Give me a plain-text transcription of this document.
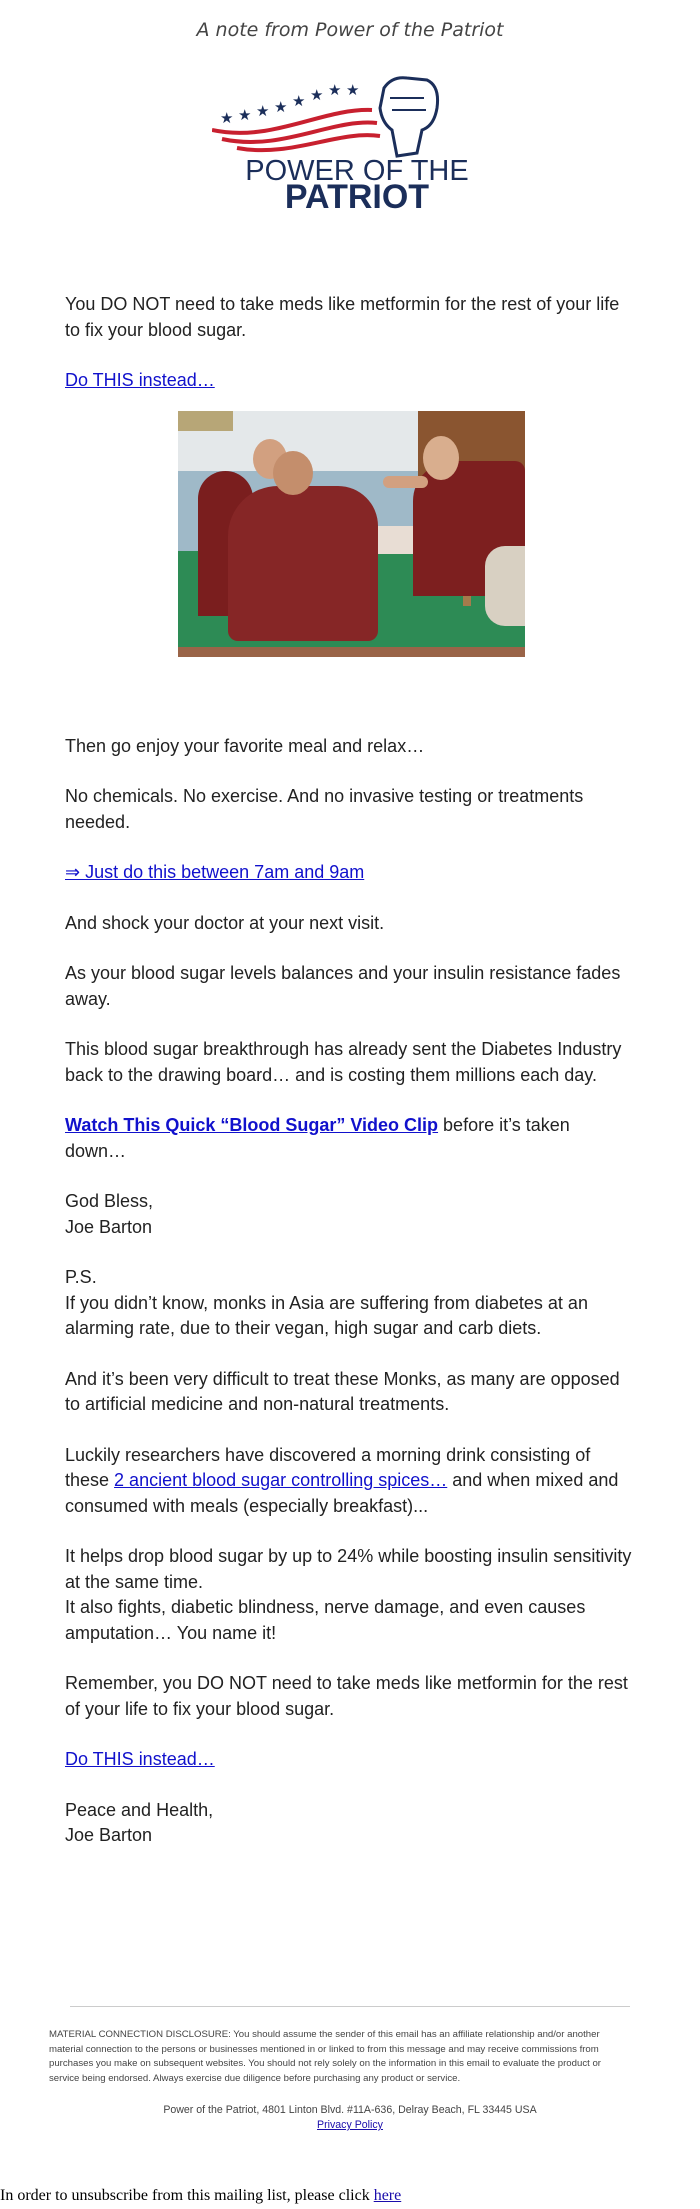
A note from Power of the Patriot
★ ★ ★ ★ ★ ★ ★ ★
POWER OF THE
PATRIOT

You DO NOT need to take meds like metformin for the rest of your life to fix your blood sugar.

Do THIS instead…

Then go enjoy your favorite meal and relax…

No chemicals. No exercise. And no invasive testing or treatments needed.

⇒ Just do this between 7am and 9am

And shock your doctor at your next visit.

As your blood sugar levels balances and your insulin resistance fades away.

This blood sugar breakthrough has already sent the Diabetes Industry back to the drawing board… and is costing them millions each day.

Watch This Quick “Blood Sugar” Video Clip before it’s taken down…

God Bless,
Joe Barton

P.S.
If you didn’t know, monks in Asia are suffering from diabetes at an alarming rate, due to their vegan, high sugar and carb diets.

And it’s been very difficult to treat these Monks, as many are opposed to artificial medicine and non-natural treatments.

Luckily researchers have discovered a morning drink consisting of these 2 ancient blood sugar controlling spices… and when mixed and consumed with meals (especially breakfast)...

It helps drop blood sugar by up to 24% while boosting insulin sensitivity at the same time.
It also fights, diabetic blindness, nerve damage, and even causes amputation… You name it!

Remember, you DO NOT need to take meds like metformin for the rest of your life to fix your blood sugar.

Do THIS instead…

Peace and Health,
Joe Barton

MATERIAL CONNECTION DISCLOSURE: You should assume the sender of this email has an affiliate relationship and/or another material connection to the persons or businesses mentioned in or linked to from this message and may receive commissions from purchases you make on subsequent websites. You should not rely solely on the information in this email to evaluate the product or service being endorsed. Always exercise due diligence before purchasing any product or service.
Power of the Patriot, 4801 Linton Blvd. #11A-636, Delray Beach, FL 33445 USA
Privacy Policy
In order to unsubscribe from this mailing list, please click here
